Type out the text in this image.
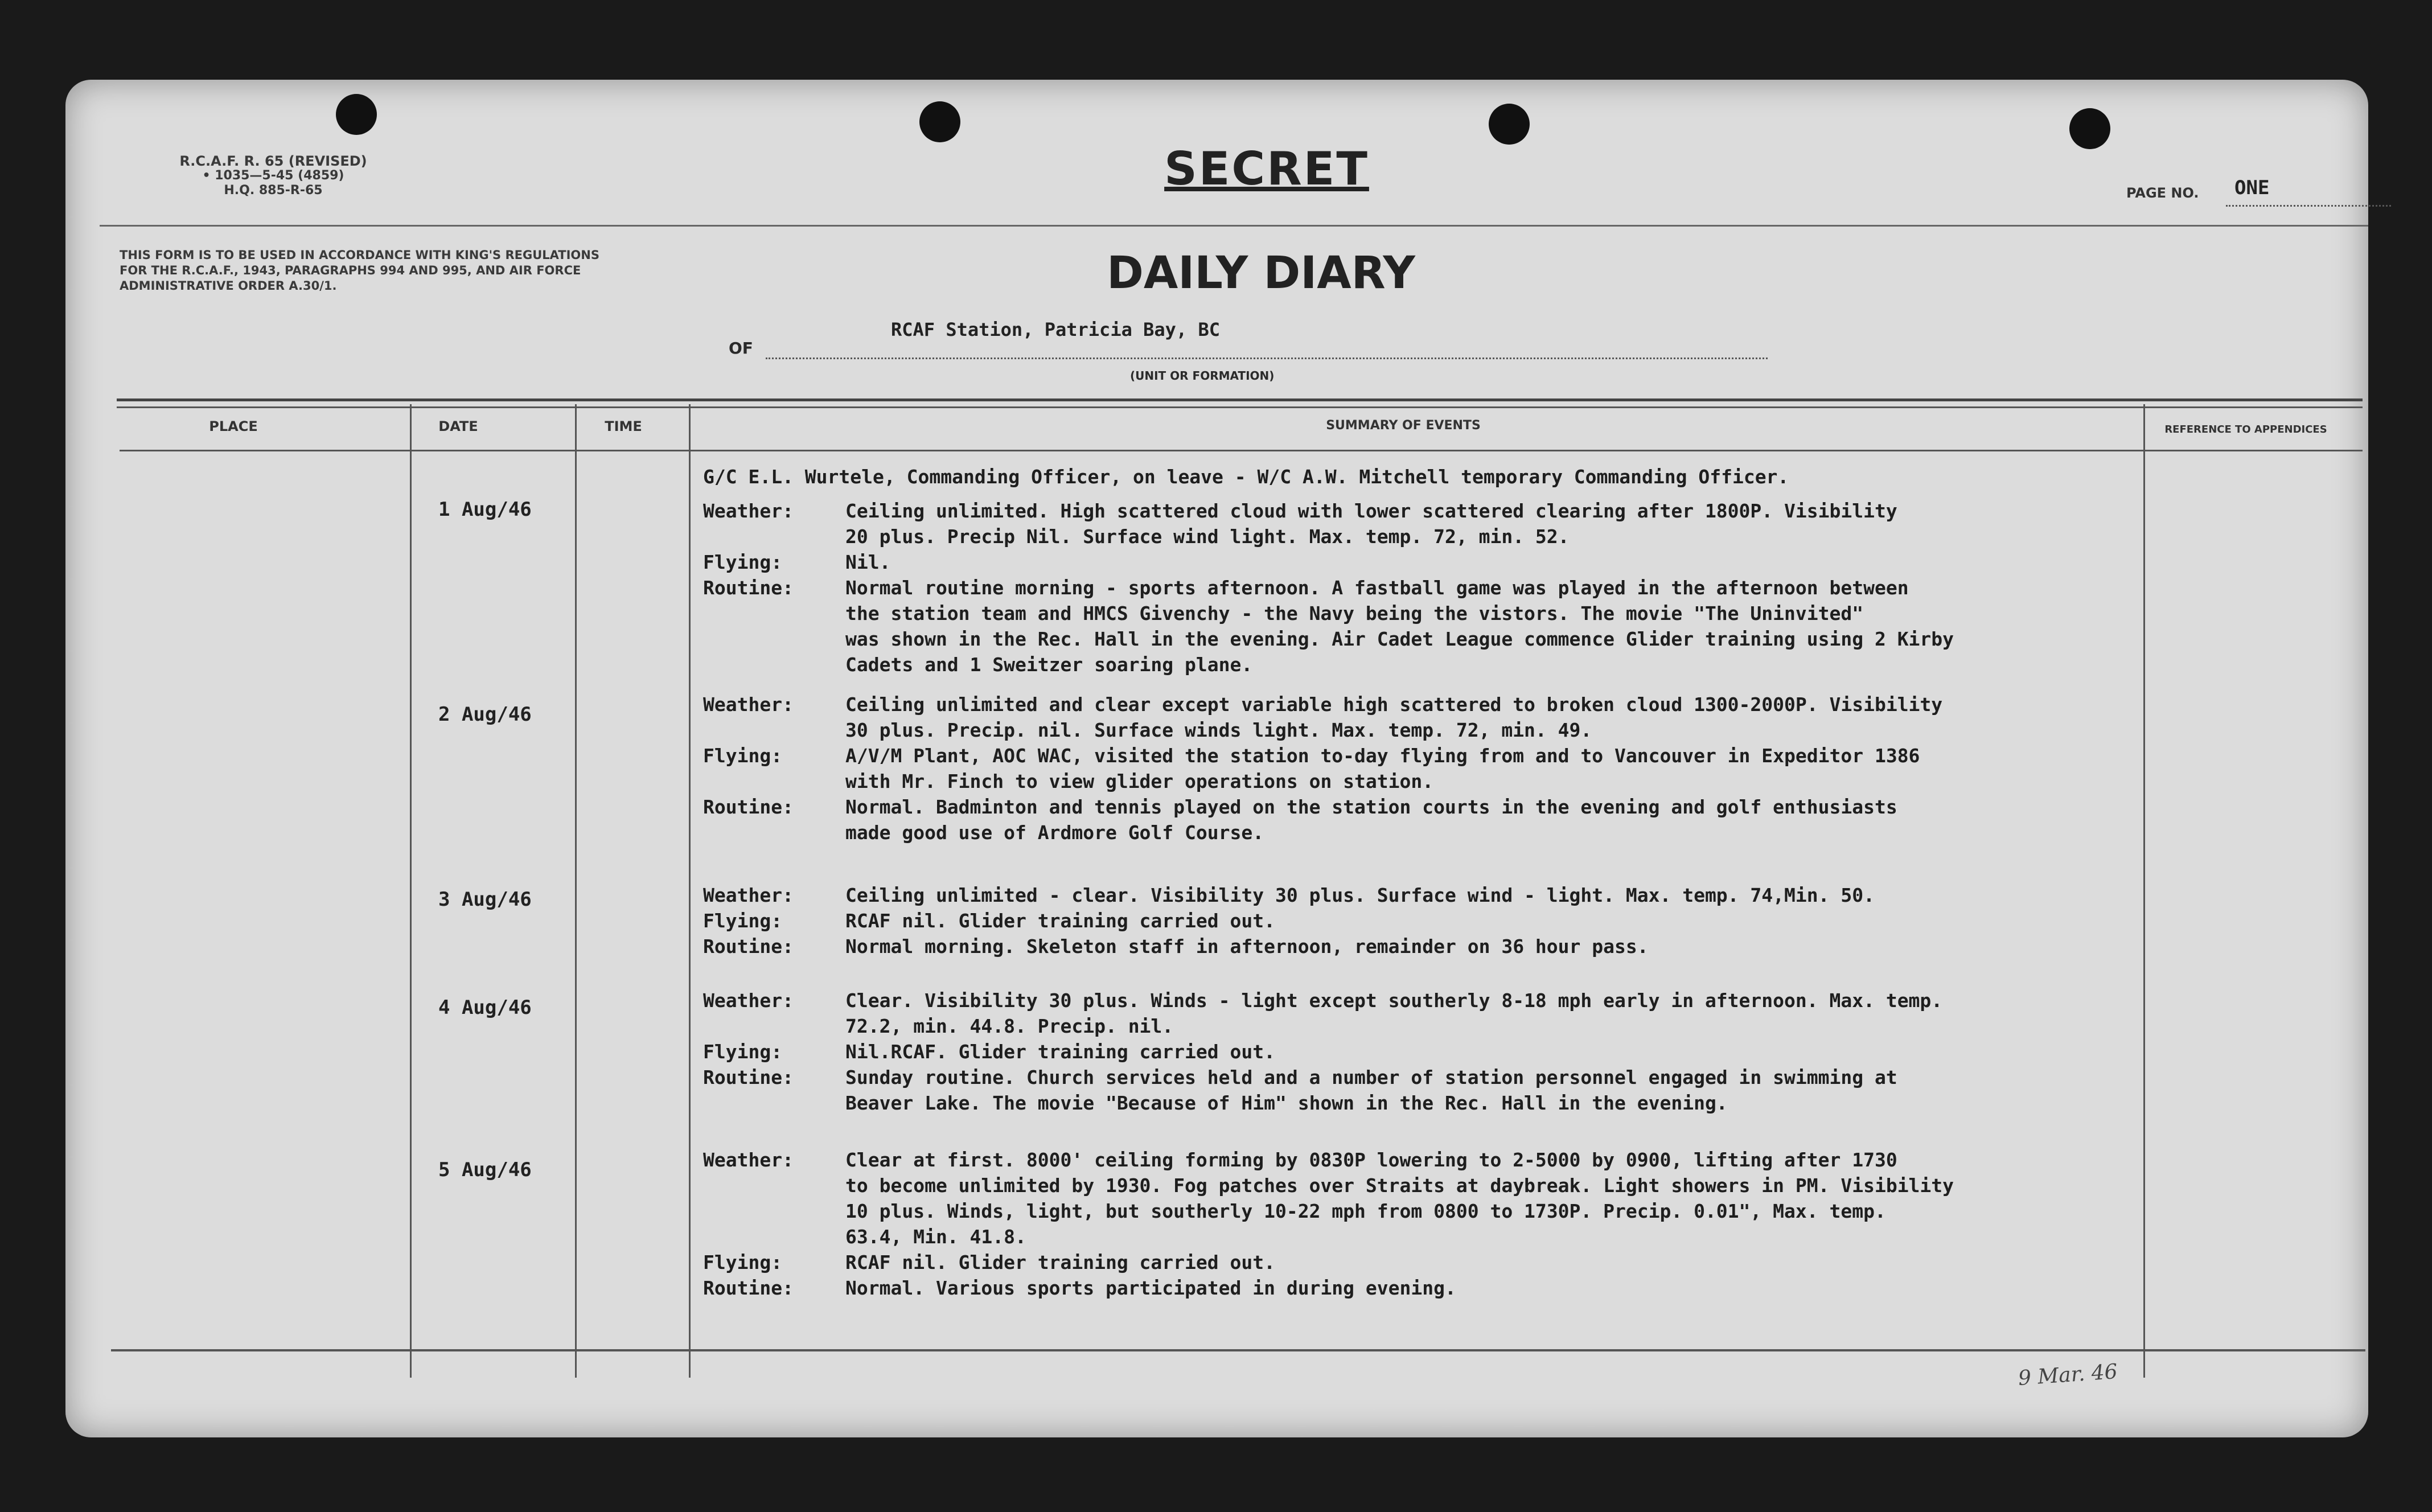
R.C.A.F. R. 65 (REVISED)
• 1035—5-45 (4859)
H.Q. 885-R-65	SECRET	PAGE NO. ONE
THIS FORM IS TO BE USED IN ACCORDANCE WITH KING'S REGULATIONS FOR THE R.C.A.F., 1943, PARAGRAPHS 994 AND 995, AND AIR FORCE ADMINISTRATIVE ORDER A.30/1.	DAILY DIARY
OF
RCAF Station, Patricia Bay, BC
(UNIT OR FORMATION)
PLACE	DATE	TIME	SUMMARY OF EVENTS	REFERENCE TO APPENDICES
G/C E.L. Wurtele, Commanding Officer, on leave - W/C A.W. Mitchell temporary Commanding Officer.
1 Aug/46	Weather:	Ceiling unlimited. High scattered cloud with lower scattered clearing after 1800P. Visibility
20 plus. Precip Nil. Surface wind light. Max. temp. 72, min. 52.
Flying:	Nil.
Routine:	Normal routine morning - sports afternoon. A fastball game was played in the afternoon between
the station team and HMCS Givenchy - the Navy being the vistors. The movie "The Uninvited"
was shown in the Rec. Hall in the evening. Air Cadet League commence Glider training using 2 Kirby
Cadets and 1 Sweitzer soaring plane.
2 Aug/46	Weather:	Ceiling unlimited and clear except variable high scattered to broken cloud 1300-2000P. Visibility
30 plus. Precip. nil. Surface winds light. Max. temp. 72, min. 49.
Flying:	A/V/M Plant, AOC WAC, visited the station to-day flying from and to Vancouver in Expeditor 1386
with Mr. Finch to view glider operations on station.
Routine:	Normal. Badminton and tennis played on the station courts in the evening and golf enthusiasts
made good use of Ardmore Golf Course.
3 Aug/46	Weather:	Ceiling unlimited - clear. Visibility 30 plus. Surface wind - light. Max. temp. 74,Min. 50.
Flying:	RCAF nil. Glider training carried out.
Routine:	Normal morning. Skeleton staff in afternoon, remainder on 36 hour pass.
4 Aug/46	Weather:	Clear. Visibility 30 plus. Winds - light except southerly 8-18 mph early in afternoon. Max. temp.
72.2, min. 44.8. Precip. nil.
Flying:	Nil.RCAF. Glider training carried out.
Routine:	Sunday routine. Church services held and a number of station personnel engaged in swimming at
Beaver Lake. The movie "Because of Him" shown in the Rec. Hall in the evening.
5 Aug/46	Weather:	Clear at first. 8000' ceiling forming by 0830P lowering to 2-5000 by 0900, lifting after 1730
to become unlimited by 1930. Fog patches over Straits at daybreak. Light showers in PM. Visibility
10 plus. Winds, light, but southerly 10-22 mph from 0800 to 1730P. Precip. 0.01", Max. temp.
63.4, Min. 41.8.
Flying:	RCAF nil. Glider training carried out.
Routine:	Normal. Various sports participated in during evening.
9 Mar. 46
